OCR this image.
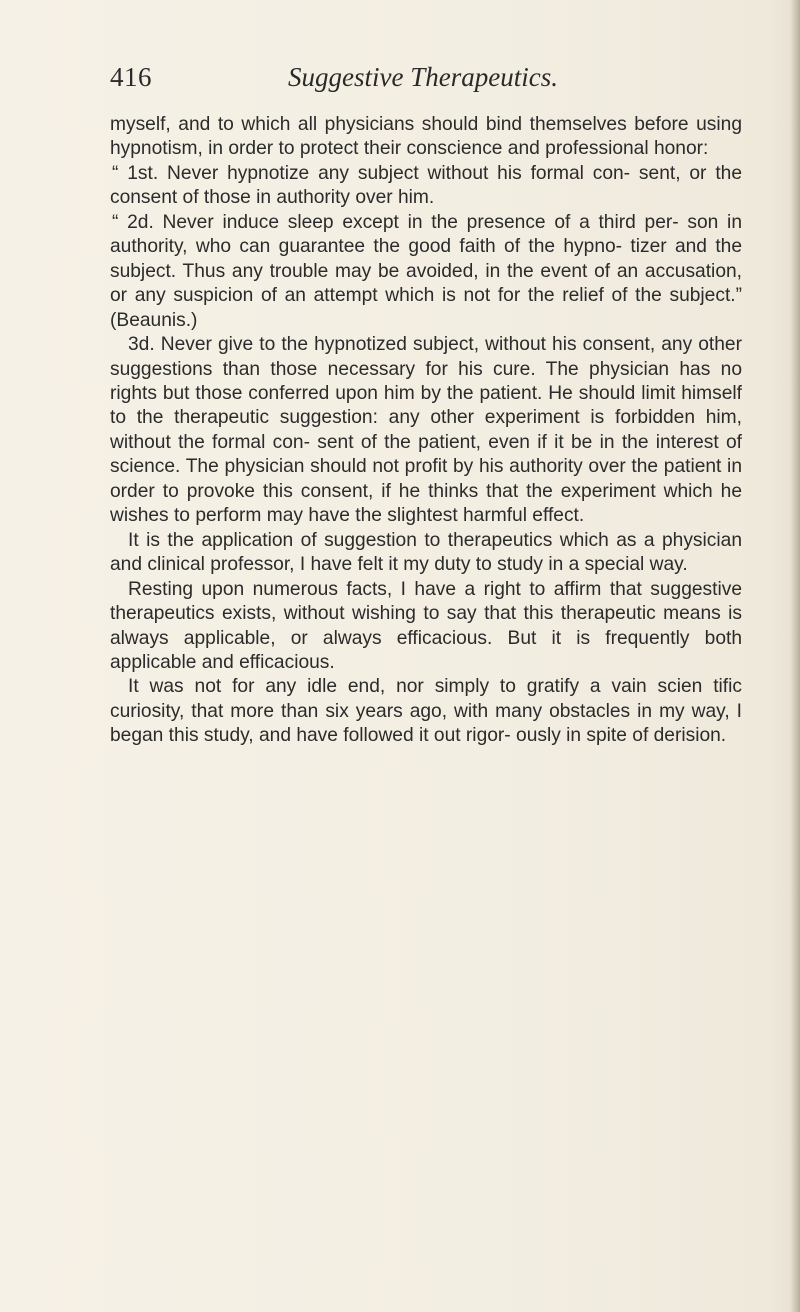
416	Suggestive Therapeutics.

myself, and to which all physicians should bind themselves before using hypnotism, in order to protect their conscience and professional honor:

“ 1st. Never hypnotize any subject without his formal con- sent, or the consent of those in authority over him.

“ 2d. Never induce sleep except in the presence of a third per- son in authority, who can guarantee the good faith of the hypno- tizer and the subject. Thus any trouble may be avoided, in the event of an accusation, or any suspicion of an attempt which is not for the relief of the subject.” (Beaunis.)

3d. Never give to the hypnotized subject, without his consent, any other suggestions than those necessary for his cure. The physician has no rights but those conferred upon him by the patient. He should limit himself to the therapeutic suggestion: any other experiment is forbidden him, without the formal con- sent of the patient, even if it be in the interest of science. The physician should not profit by his authority over the patient in order to provoke this consent, if he thinks that the experiment which he wishes to perform may have the slightest harmful effect.

It is the application of suggestion to therapeutics which as a physician and clinical professor, I have felt it my duty to study in a special way.

Resting upon numerous facts, I have a right to affirm that suggestive therapeutics exists, without wishing to say that this therapeutic means is always applicable, or always efficacious. But it is frequently both applicable and efficacious.

It was not for any idle end, nor simply to gratify a vain scien tific curiosity, that more than six years ago, with many obstacles in my way, I began this study, and have followed it out rigor- ously in spite of derision.
